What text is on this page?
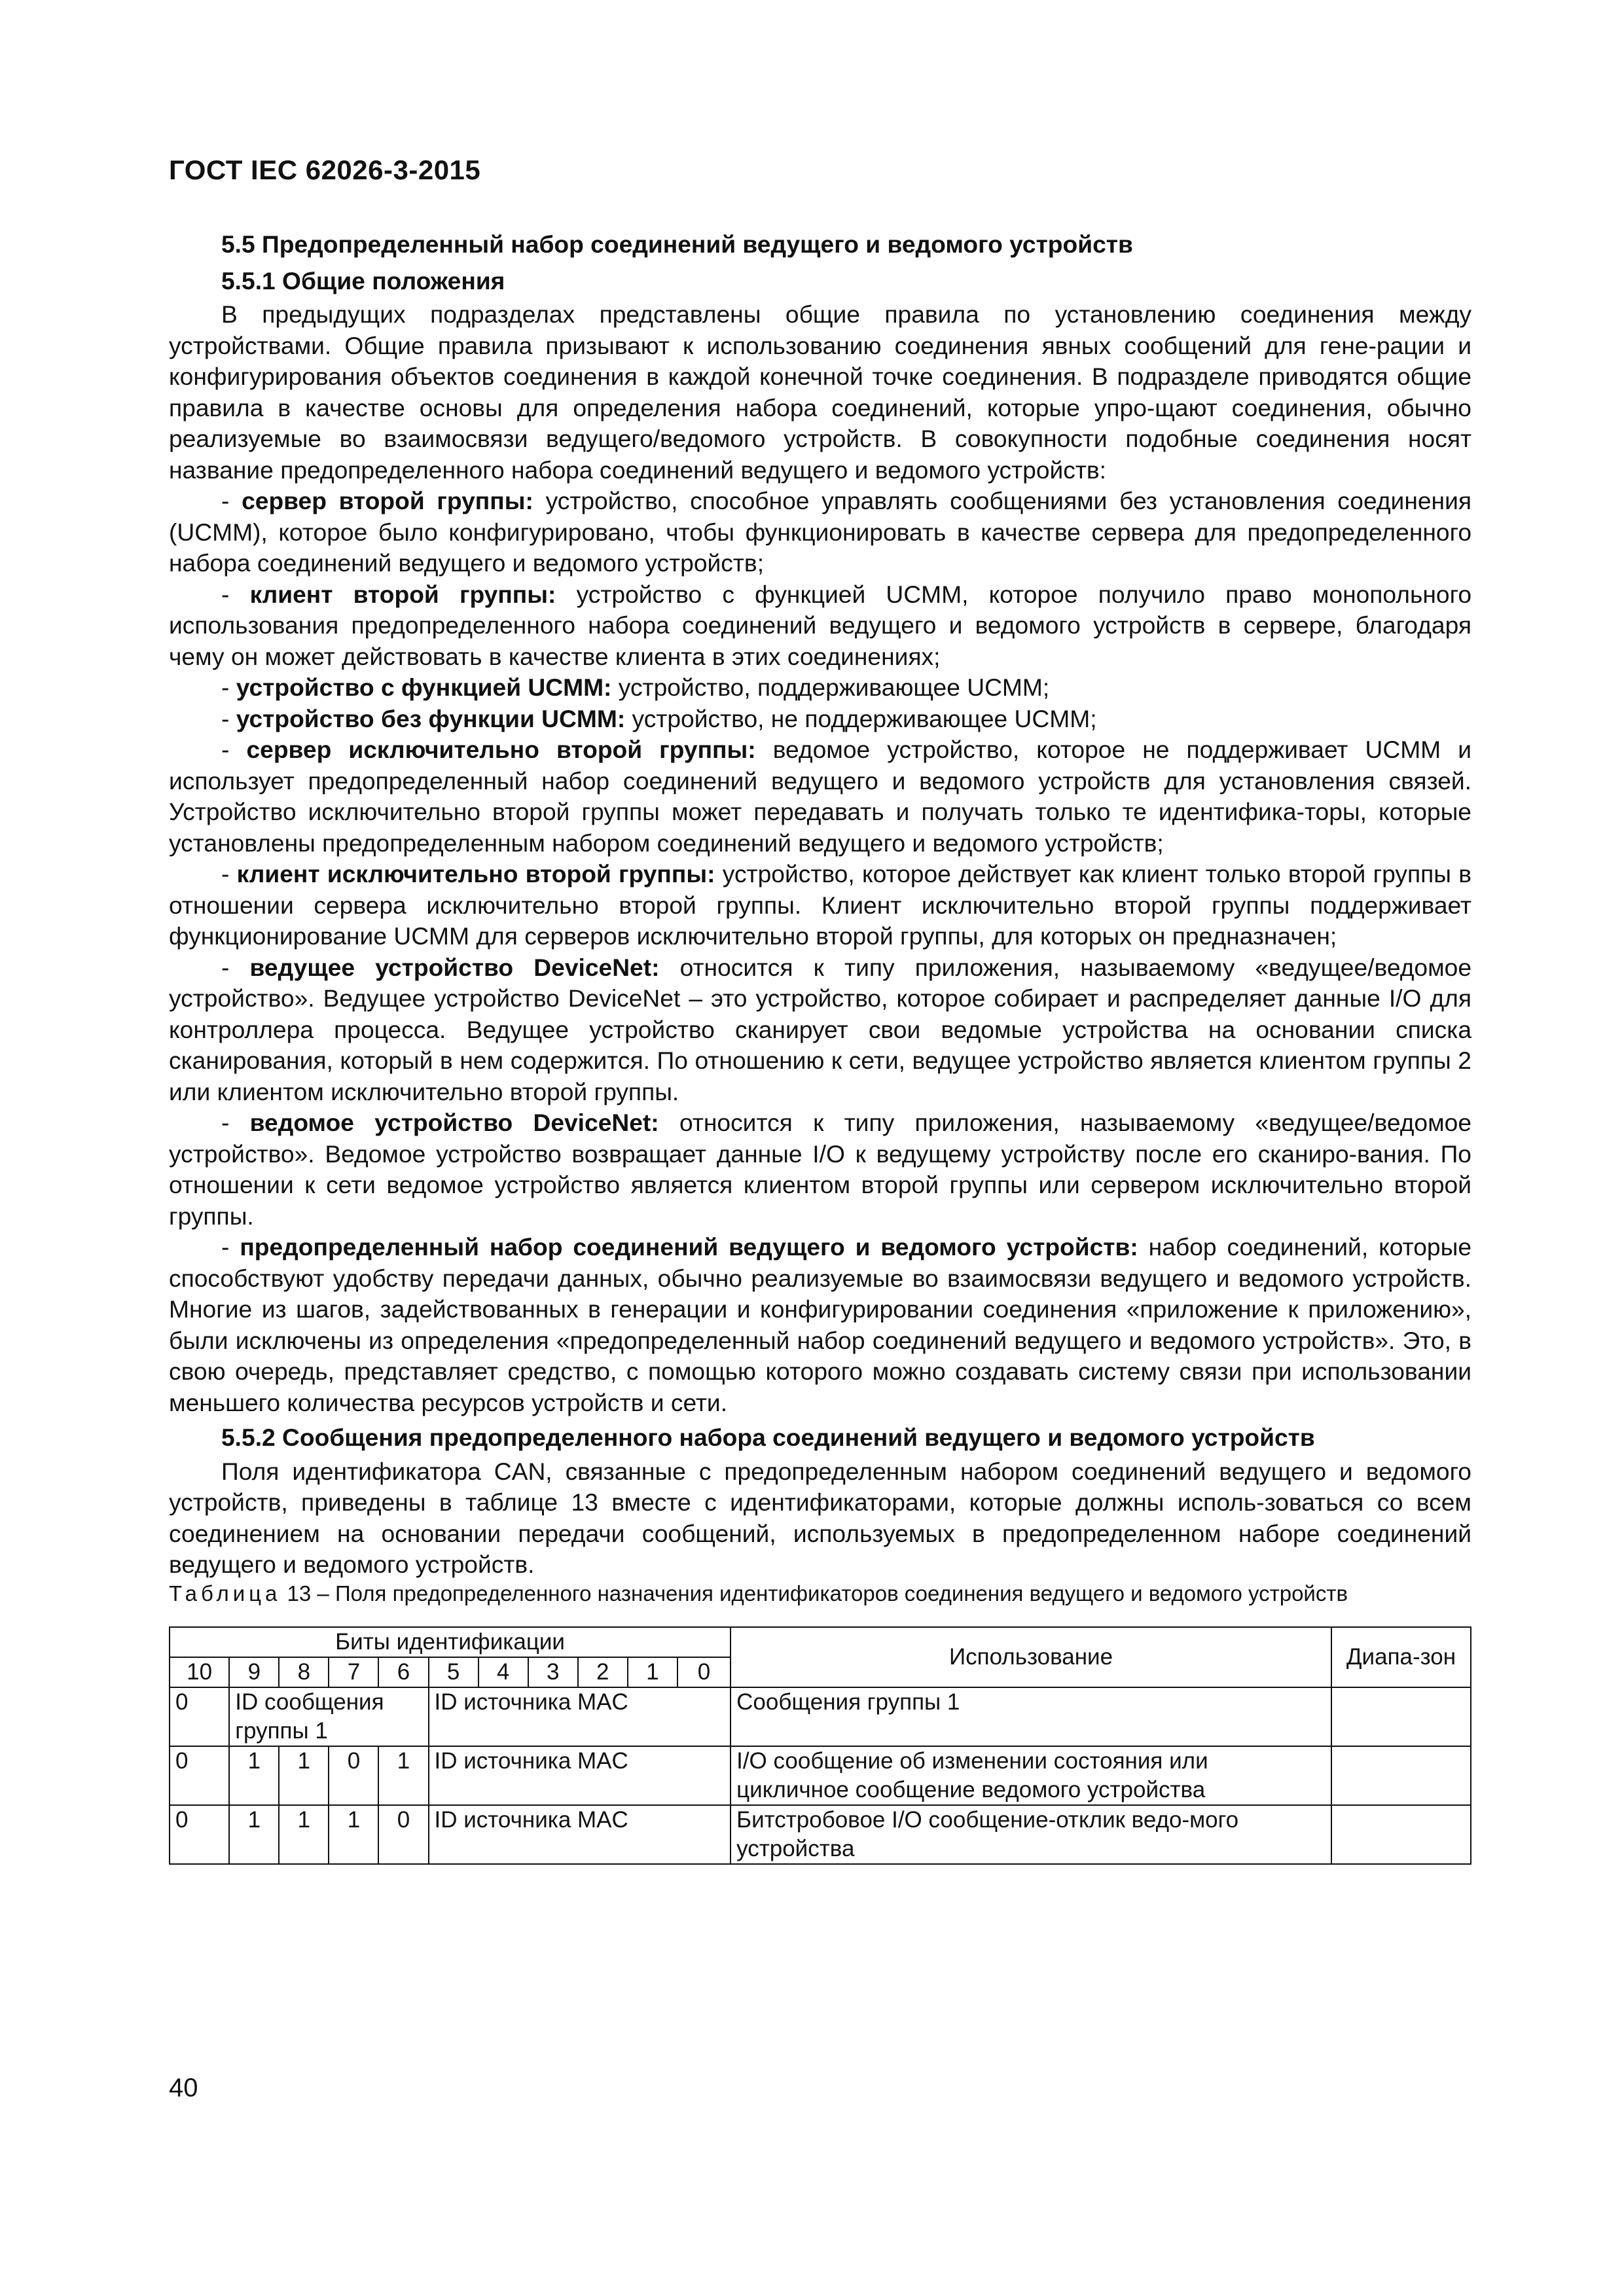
ГОСТ IEC 62026-3-2015
5.5 Предопределенный набор соединений ведущего и ведомого устройств
5.5.1 Общие положения

В предыдущих подразделах представлены общие правила по установлению соединения между устройствами. Общие правила призывают к использованию соединения явных сообщений для гене-рации и конфигурирования объектов соединения в каждой конечной точке соединения. В подразделе приводятся общие правила в качестве основы для определения набора соединений, которые упро-щают соединения, обычно реализуемые во взаимосвязи ведущего/ведомого устройств. В совокупности подобные соединения носят название предопределенного набора соединений ведущего и ведомого устройств:

- сервер второй группы: устройство, способное управлять сообщениями без установления соединения (UCMM), которое было конфигурировано, чтобы функционировать в качестве сервера для предопределенного набора соединений ведущего и ведомого устройств;

- клиент второй группы: устройство с функцией UCMM, которое получило право монопольного использования предопределенного набора соединений ведущего и ведомого устройств в сервере, благодаря чему он может действовать в качестве клиента в этих соединениях;

- устройство с функцией UCMM: устройство, поддерживающее UCMM;

- устройство без функции UCMM: устройство, не поддерживающее UCMM;

- сервер исключительно второй группы: ведомое устройство, которое не поддерживает UCMM и использует предопределенный набор соединений ведущего и ведомого устройств для установления связей. Устройство исключительно второй группы может передавать и получать только те идентифика-торы, которые установлены предопределенным набором соединений ведущего и ведомого устройств;

- клиент исключительно второй группы: устройство, которое действует как клиент только второй группы в отношении сервера исключительно второй группы. Клиент исключительно второй группы поддерживает функционирование UCMM для серверов исключительно второй группы, для которых он предназначен;

- ведущее устройство DeviceNet: относится к типу приложения, называемому «ведущее/ведомое устройство». Ведущее устройство DeviceNet – это устройство, которое собирает и распределяет данные I/O для контроллера процесса. Ведущее устройство сканирует свои ведомые устройства на основании списка сканирования, который в нем содержится. По отношению к сети, ведущее устройство является клиентом группы 2 или клиентом исключительно второй группы.

- ведомое устройство DeviceNet: относится к типу приложения, называемому «ведущее/ведомое устройство». Ведомое устройство возвращает данные I/O к ведущему устройству после его сканиро-вания. По отношении к сети ведомое устройство является клиентом второй группы или сервером исключительно второй группы.

- предопределенный набор соединений ведущего и ведомого устройств: набор соединений, которые способствуют удобству передачи данных, обычно реализуемые во взаимосвязи ведущего и ведомого устройств. Многие из шагов, задействованных в генерации и конфигурировании соединения «приложение к приложению», были исключены из определения «предопределенный набор соединений ведущего и ведомого устройств». Это, в свою очередь, представляет средство, с помощью которого можно создавать систему связи при использовании меньшего количества ресурсов устройств и сети.

5.5.2 Сообщения предопределенного набора соединений ведущего и ведомого устройств

Поля идентификатора CAN, связанные с предопределенным набором соединений ведущего и ведомого устройств, приведены в таблице 13 вместе с идентификаторами, которые должны исполь-зоваться со всем соединением на основании передачи сообщений, используемых в предопределенном наборе соединений ведущего и ведомого устройств.

Таблица 13 – Поля предопределенного назначения идентификаторов соединения ведущего и ведомого устройств

Биты идентификации											Использование	Диапа-зон
10	9	8	7	6	5	4	3	2	1	0		
0	ID сообщения группы 1				ID источника MAC						Сообщения группы 1	
0	1	1	0	1	ID источника MAC						I/O сообщение об изменении состояния или цикличное сообщение ведомого устройства	
0	1	1	1	0	ID источника MAC						Битстробовое I/O сообщение-отклик ведо-мого устройства	
40
